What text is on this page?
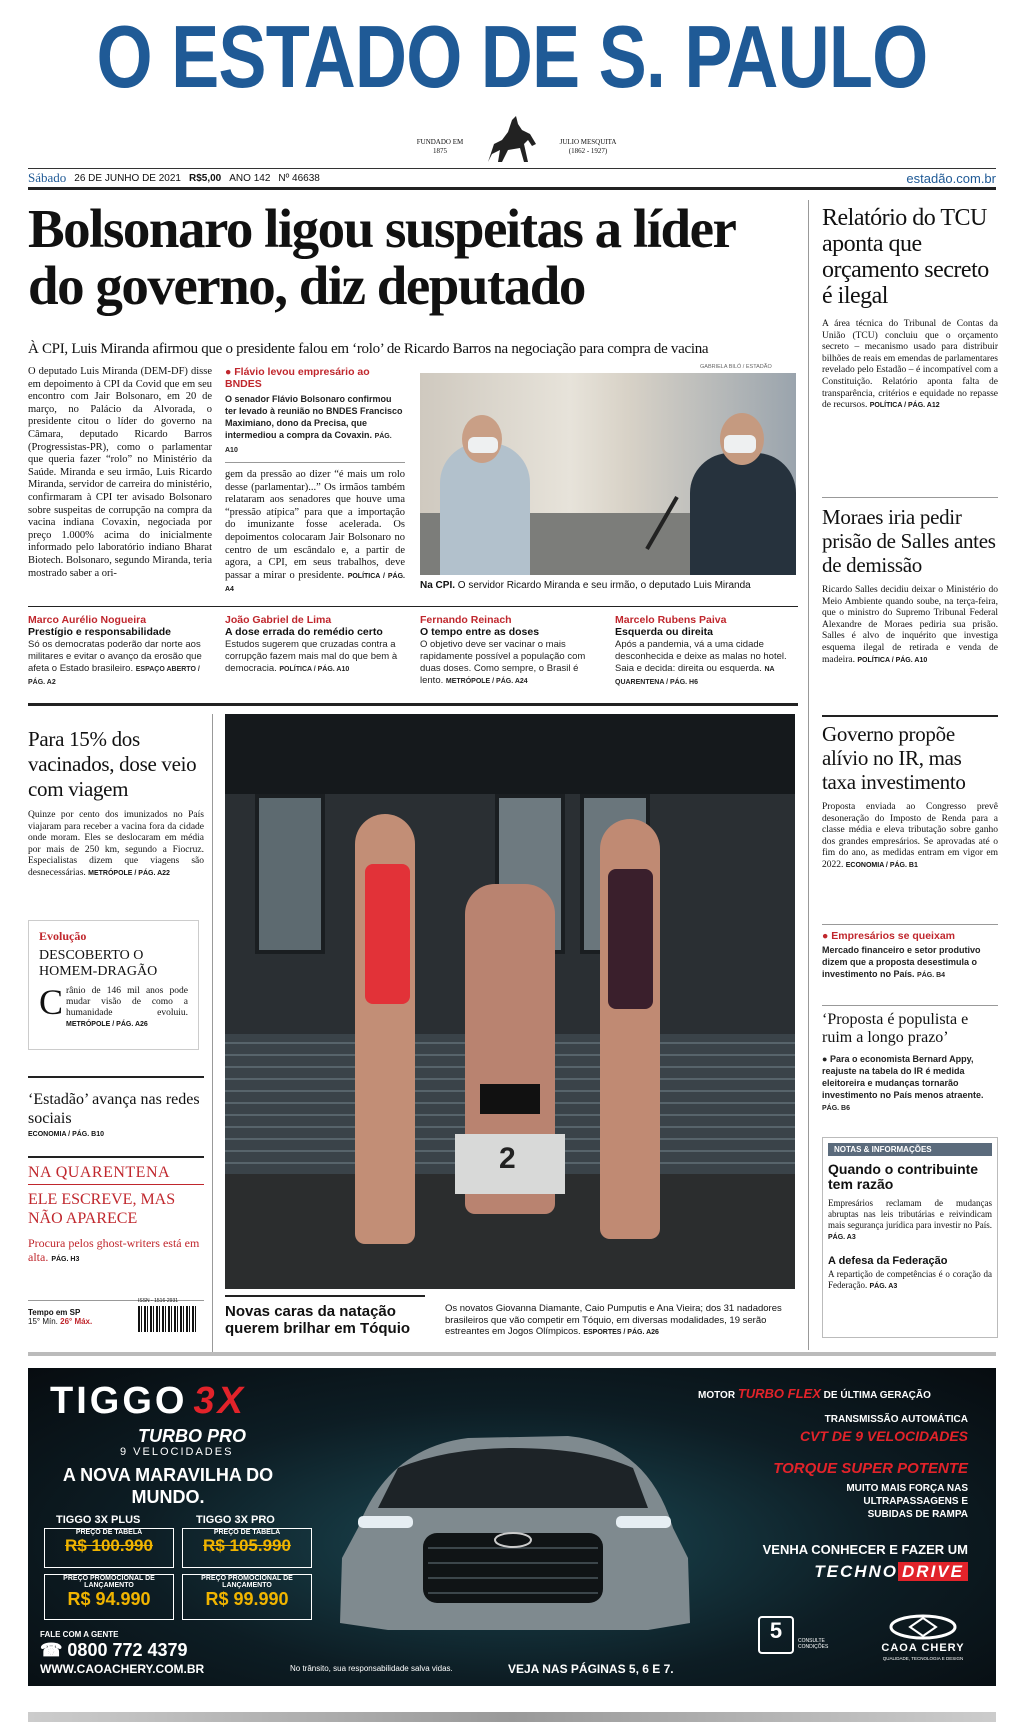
O ESTADO DE S. PAULO
FUNDADO EM
1875
JULIO MESQUITA
(1862 - 1927)
Sábado 26 DE JUNHO DE 2021 R$5,00 ANO 142 Nº 46638	estadão.com.br
Bolsonaro ligou suspeitas a líder do governo, diz deputado
À CPI, Luis Miranda afirmou que o presidente falou em ‘rolo’ de Ricardo Barros na negociação para compra de vacina
O deputado Luis Miranda (DEM-DF) disse em depoimento à CPI da Covid que em seu encontro com Jair Bolsonaro, em 20 de março, no Palácio da Alvorada, o presidente citou o líder do governo na Câmara, deputado Ricardo Barros (Progressistas-PR), como o parlamentar que queria fazer “rolo” no Ministério da Saúde. Miranda e seu irmão, Luis Ricardo Miranda, servidor de carreira do ministério, confirmaram à CPI ter avisado Bolsonaro sobre suspeitas de corrupção na compra da vacina indiana Covaxin, negociada por preço 1.000% acima do inicialmente informado pelo laboratório indiano Bharat Biotech. Bolsonaro, segundo Miranda, teria mostrado saber a ori-
● Flávio levou empresário ao BNDES
O senador Flávio Bolsonaro confirmou ter levado à reunião no BNDES Francisco Maximiano, dono da Precisa, que intermediou a compra da Covaxin. PÁG. A10
gem da pressão ao dizer “é mais um rolo desse (parlamentar)...” Os irmãos também relataram aos senadores que houve uma “pressão atípica” para que a importação do imunizante fosse acelerada. Os depoimentos colocaram Jair Bolsonaro no centro de um escândalo e, a partir de agora, a CPI, em seus trabalhos, deve passar a mirar o presidente. POLÍTICA / PÁG. A4
GABRIELA BILÓ / ESTADÃO
Na CPI. O servidor Ricardo Miranda e seu irmão, o deputado Luis Miranda
Marco Aurélio Nogueira
Prestígio e responsabilidade
Só os democratas poderão dar norte aos militares e evitar o avanço da erosão que afeta o Estado brasileiro. ESPAÇO ABERTO / PÁG. A2
João Gabriel de Lima
A dose errada do remédio certo
Estudos sugerem que cruzadas contra a corrupção fazem mais mal do que bem à democracia. POLÍTICA / PÁG. A10
Fernando Reinach
O tempo entre as doses
O objetivo deve ser vacinar o mais rapidamente possível a população com duas doses. Como sempre, o Brasil é lento. METRÓPOLE / PÁG. A24
Marcelo Rubens Paiva
Esquerda ou direita
Após a pandemia, vá a uma cidade desconhecida e deixe as malas no hotel. Saia e decida: direita ou esquerda. NA QUARENTENA / PÁG. H6
Relatório do TCU aponta que orçamento secreto é ilegal
A área técnica do Tribunal de Contas da União (TCU) concluiu que o orçamento secreto – mecanismo usado para distribuir bilhões de reais em emendas de parlamentares revelado pelo Estadão – é incompatível com a Constituição. Relatório aponta falta de transparência, critérios e equidade no repasse de recursos. POLÍTICA / PÁG. A12
Moraes iria pedir prisão de Salles antes de demissão
Ricardo Salles decidiu deixar o Ministério do Meio Ambiente quando soube, na terça-feira, que o ministro do Supremo Tribunal Federal Alexandre de Moraes pediria sua prisão. Salles é alvo de inquérito que investiga esquema ilegal de retirada e venda de madeira. POLÍTICA / PÁG. A10
Governo propõe alívio no IR, mas taxa investimento
Proposta enviada ao Congresso prevê desoneração do Imposto de Renda para a classe média e eleva tributação sobre ganho dos grandes empresários. Se aprovadas até o fim do ano, as medidas entram em vigor em 2022. ECONOMIA / PÁG. B1
● Empresários se queixam
Mercado financeiro e setor produtivo dizem que a proposta desestimula o investimento no País. PÁG. B4
‘Proposta é populista e ruim a longo prazo’
● Para o economista Bernard Appy, reajuste na tabela do IR é medida eleitoreira e mudanças tornarão investimento no País menos atraente. PÁG. B6
NOTAS & INFORMAÇÕES
Quando o contribuinte tem razão
Empresários reclamam de mudanças abruptas nas leis tributárias e reivindicam mais segurança jurídica para investir no País. PÁG. A3
A defesa da Federação
A repartição de competências é o coração da Federação. PÁG. A3
Para 15% dos vacinados, dose veio com viagem
Quinze por cento dos imunizados no País viajaram para receber a vacina fora da cidade onde moram. Eles se deslocaram em média por mais de 250 km, segundo a Fiocruz. Especialistas dizem que viagens são desnecessárias. METRÓPOLE / PÁG. A22
Evolução
DESCOBERTO O HOMEM-DRAGÃO
C rânio de 146 mil anos pode mudar visão de como a humanidade evoluiu. METRÓPOLE / PÁG. A26
‘Estadão’ avança nas redes sociais
ECONOMIA / PÁG. B10
NA QUARENTENA
ELE ESCREVE, MAS NÃO APARECE
Procura pelos ghost-writers está em alta. PÁG. H3
Tempo em SP
15° Mín. 26° Máx.
ISSN - 1516-2931
2
Novas caras da natação querem brilhar em Tóquio
Os novatos Giovanna Diamante, Caio Pumputis e Ana Vieira; dos 31 nadadores brasileiros que vão competir em Tóquio, em diversas modalidades, 19 serão estreantes em Jogos Olímpicos. ESPORTES / PÁG. A26
TIGGO 3X
TURBO PRO
9 VELOCIDADES
A NOVA MARAVILHA DO MUNDO.
TIGGO 3X PLUS	TIGGO 3X PRO
PREÇO DE TABELA
R$ 100.990
PREÇO DE TABELA
R$ 105.990
PREÇO PROMOCIONAL DE LANÇAMENTO
R$ 94.990
PREÇO PROMOCIONAL DE LANÇAMENTO
R$ 99.990
FALE COM A GENTE
☎ 0800 772 4379
WWW.CAOACHERY.COM.BR	No trânsito, sua responsabilidade salva vidas.	VEJA NAS PÁGINAS 5, 6 E 7.
MOTOR TURBO FLEX DE ÚLTIMA GERAÇÃO
TRANSMISSÃO AUTOMÁTICA
CVT DE 9 VELOCIDADES
TORQUE SUPER POTENTE
MUITO MAIS FORÇA NAS ULTRAPASSAGENS E SUBIDAS DE RAMPA
VENHA CONHECER E FAZER UM
TECHNO DRIVE
5	CONSULTE CONDIÇÕES	CAOA CHERY
QUALIDADE, TECNOLOGIA E DESIGN
